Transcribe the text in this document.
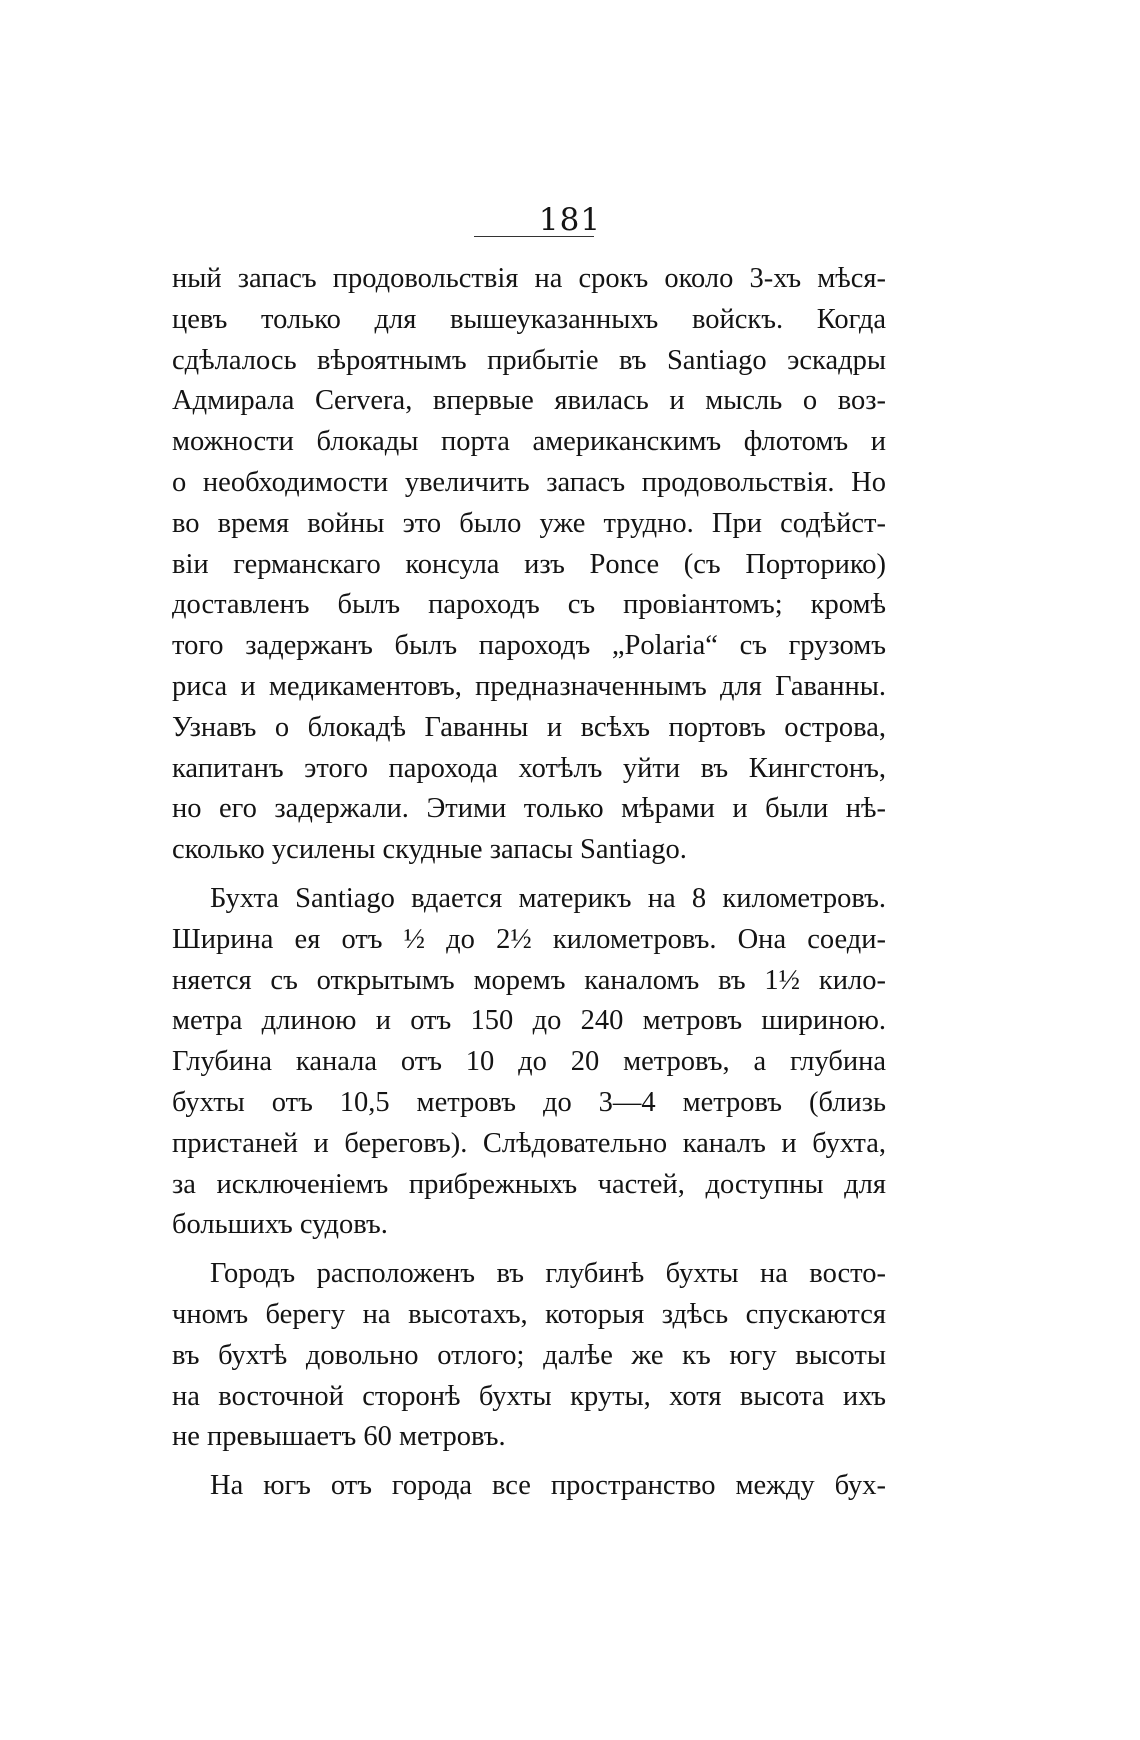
181
ный запасъ продовольствія на срокъ около 3-хъ мѣся-
цевъ только для вышеуказанныхъ войскъ. Когда
сдѣлалось вѣроятнымъ прибытіе въ Santiago эскадры
Адмирала Cervera, впервые явилась и мысль о воз-
можности блокады порта американскимъ флотомъ и
о необходимости увеличить запасъ продовольствія. Но
во время войны это было уже трудно. При содѣйст-
віи германскаго консула изъ Ponce (съ Порторико)
доставленъ былъ пароходъ съ провіантомъ; кромѣ
того задержанъ былъ пароходъ „Polaria“ съ грузомъ
риса и медикаментовъ, предназначеннымъ для Гаванны.
Узнавъ о блокадѣ Гаванны и всѣхъ портовъ острова,
капитанъ этого парохода хотѣлъ уйти въ Кингстонъ,
но его задержали. Этими только мѣрами и были нѣ-
сколько усилены скудные запасы Santiago.
Бухта Santiago вдается материкъ на 8 километровъ.
Ширина ея отъ ½ до 2½ километровъ. Она соеди-
няется съ открытымъ моремъ каналомъ въ 1½ кило-
метра длиною и отъ 150 до 240 метровъ шириною.
Глубина канала отъ 10 до 20 метровъ, а глубина
бухты отъ 10,5 метровъ до 3—4 метровъ (близь
пристаней и береговъ). Слѣдовательно каналъ и бухта,
за исключеніемъ прибрежныхъ частей, доступны для
большихъ судовъ.
Городъ расположенъ въ глубинѣ бухты на восто-
чномъ берегу на высотахъ, которыя здѣсь спускаются
въ бухтѣ довольно отлого; далѣе же къ югу высоты
на восточной сторонѣ бухты круты, хотя высота ихъ
не превышаетъ 60 метровъ.
На югъ отъ города все пространство между бух-
